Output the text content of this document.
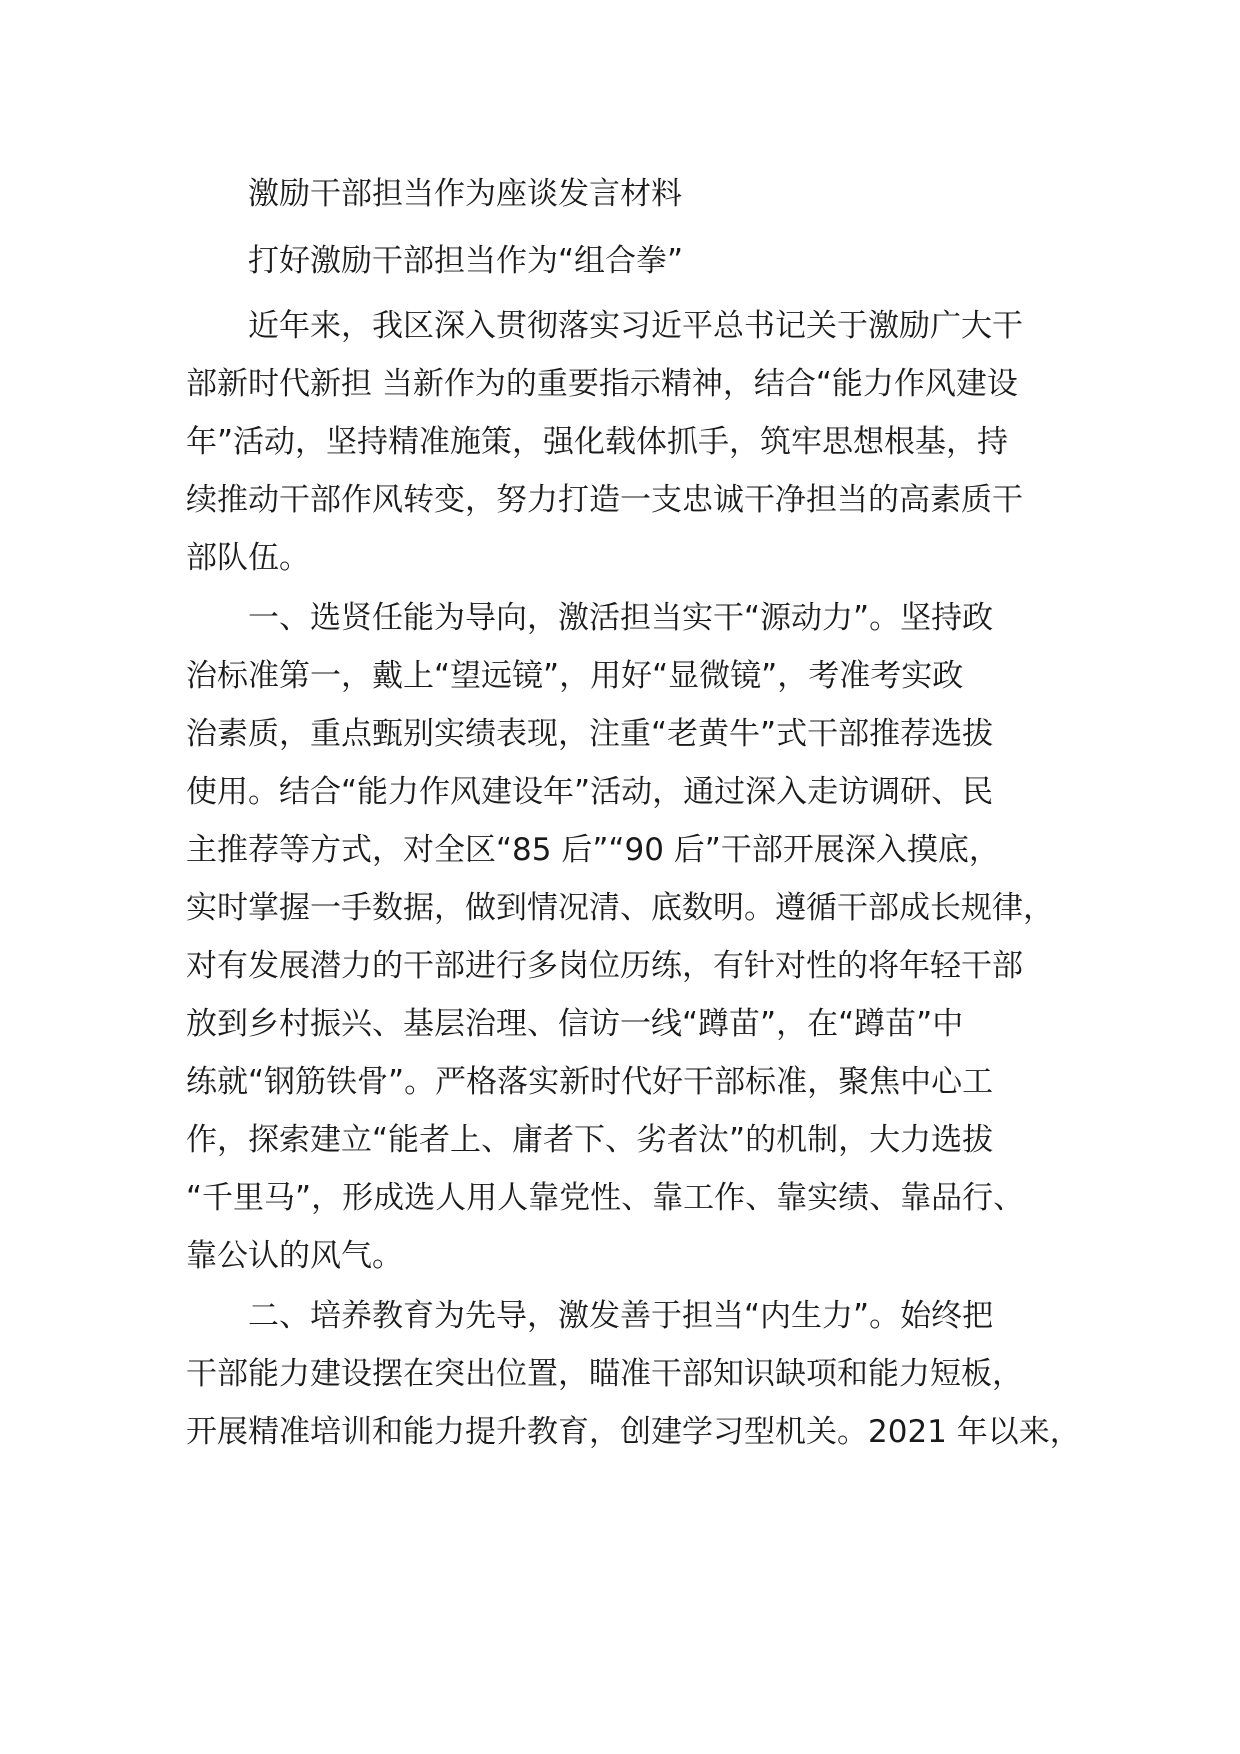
激励干部担当作为座谈发言材料
打好激励干部担当作为“组合拳”
近年来，我区深入贯彻落实习近平总书记关于激励广大干
部新时代新担 当新作为的重要指示精神，结合“能力作风建设
年”活动，坚持精准施策，强化载体抓手，筑牢思想根基，持
续推动干部作风转变，努力打造一支忠诚干净担当的高素质干
部队伍。
一、选贤任能为导向，激活担当实干“源动力”。坚持政
治标准第一，戴上“望远镜”，用好“显微镜”，考准考实政
治素质，重点甄别实绩表现，注重“老黄牛”式干部推荐选拔
使用。结合“能力作风建设年”活动，通过深入走访调研、民
主推荐等方式，对全区“85 后”“90 后”干部开展深入摸底，
实时掌握一手数据，做到情况清、底数明。遵循干部成长规律，
对有发展潜力的干部进行多岗位历练，有针对性的将年轻干部
放到乡村振兴、基层治理、信访一线“蹲苗”，在“蹲苗”中
练就“钢筋铁骨”。严格落实新时代好干部标准，聚焦中心工
作，探索建立“能者上、庸者下、劣者汰”的机制，大力选拔
“千里马”，形成选人用人靠党性、靠工作、靠实绩、靠品行、
靠公认的风气。
二、培养教育为先导，激发善于担当“内生力”。始终把
干部能力建设摆在突出位置，瞄准干部知识缺项和能力短板，
开展精准培训和能力提升教育，创建学习型机关。2021 年以来，
